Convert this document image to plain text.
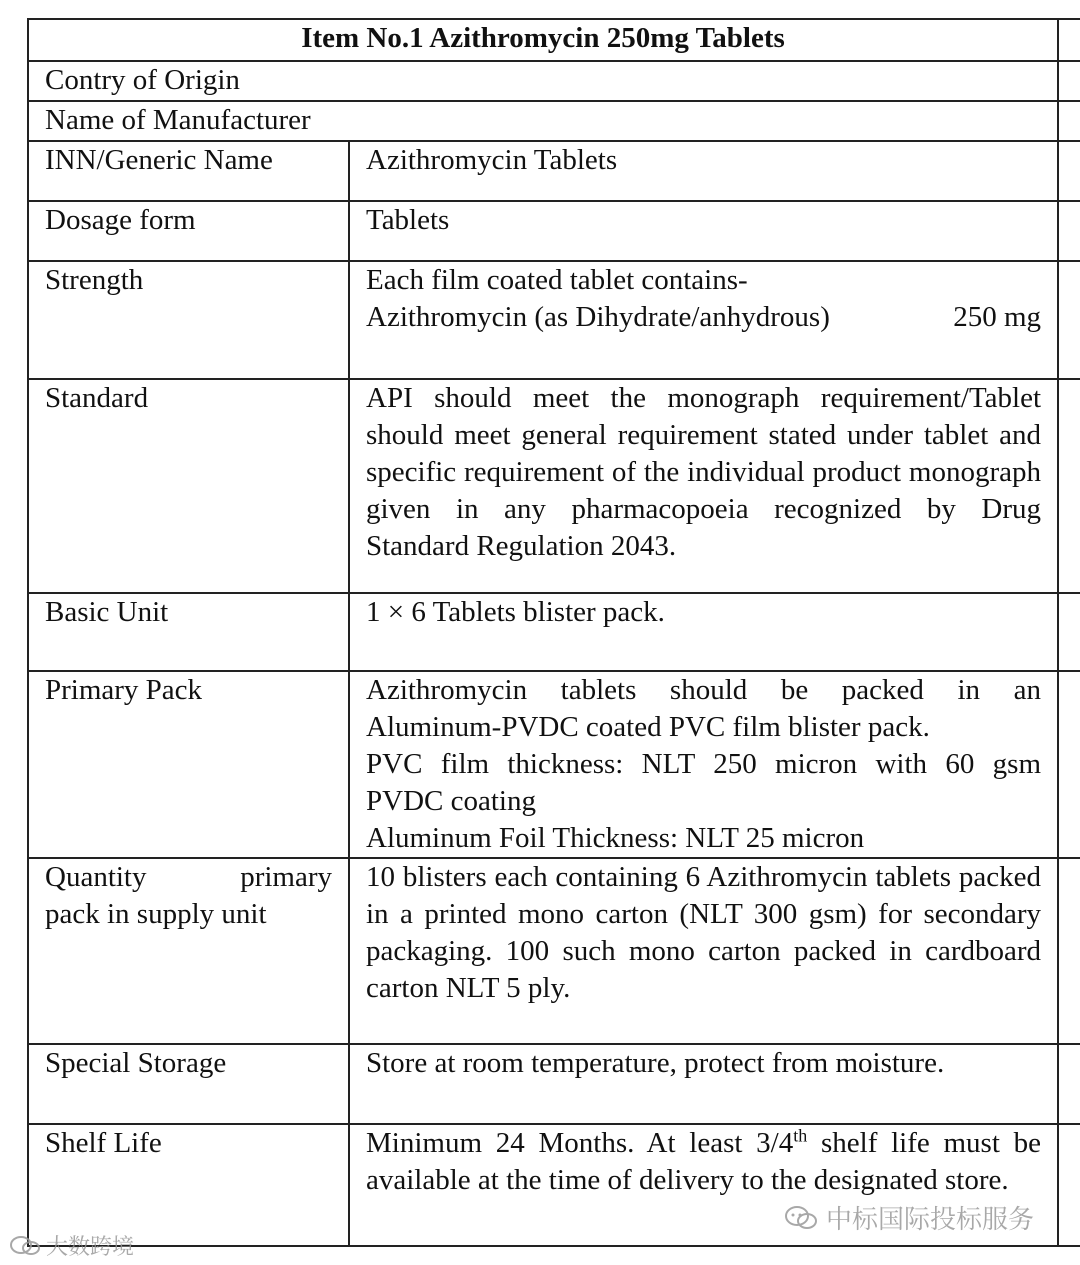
Item No.1 Azithromycin 250mg Tablets		
Contry of Origin		
Name of Manufacturer		
INN/Generic Name	Azithromycin Tablets	
Dosage form	Tablets	
Strength	Each film coated tablet contains-
Azithromycin (as Dihydrate/anhydrous) 250 mg	

Standard	API should meet the monograph requirement/Tablet should meet general requirement stated under tablet and specific requirement of the individual product monograph given in any pharmacopoeia recognized by Drug Standard Regulation 2043.	
Basic Unit	1 × 6 Tablets blister pack.	
Primary Pack	Azithromycin tablets should be packed in an
Aluminum-PVDC coated PVC film blister pack.
PVC film thickness: NLT 250 micron with 60 gsm
PVDC coating
Aluminum Foil Thickness: NLT 25 micron	

Quantity primary
pack in supply unit	10 blisters each containing 6 Azithromycin tablets packed in a printed mono carton (NLT 300 gsm) for secondary packaging. 100 such mono carton packed in cardboard carton NLT 5 ply.	
Special Storage	Store at room temperature, protect from moisture.	
Shelf Life	Minimum 24 Months. At least 3/4th shelf life must be available at the time of delivery to the designated store.	
大数跨境
中标国际投标服务
